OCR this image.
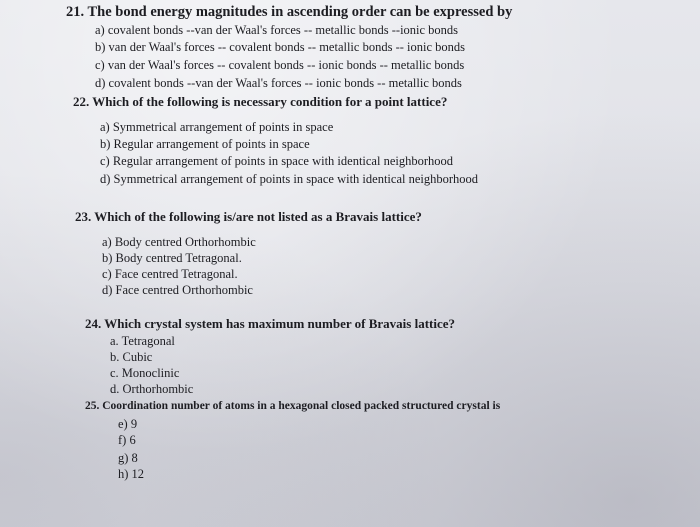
21. The bond energy magnitudes in ascending order can be expressed by
a) covalent bonds --van der Waal's forces -- metallic bonds --ionic bonds
b) van der Waal's forces -- covalent bonds -- metallic bonds -- ionic bonds
c) van der Waal's forces -- covalent bonds -- ionic bonds -- metallic bonds
d) covalent bonds --van der Waal's forces -- ionic bonds -- metallic bonds
22. Which of the following is necessary condition for a point lattice?
a) Symmetrical arrangement of points in space
b) Regular arrangement of points in space
c) Regular arrangement of points in space with identical neighborhood
d) Symmetrical arrangement of points in space with identical neighborhood
23. Which of the following is/are not listed as a Bravais lattice?
a) Body centred Orthorhombic
b) Body centred Tetragonal.
c) Face centred Tetragonal.
d) Face centred Orthorhombic
24. Which crystal system has maximum number of Bravais lattice?
a. Tetragonal
b. Cubic
c. Monoclinic
d. Orthorhombic
25. Coordination number of atoms in a hexagonal closed packed structured crystal is
e) 9
f) 6
g) 8
h) 12
